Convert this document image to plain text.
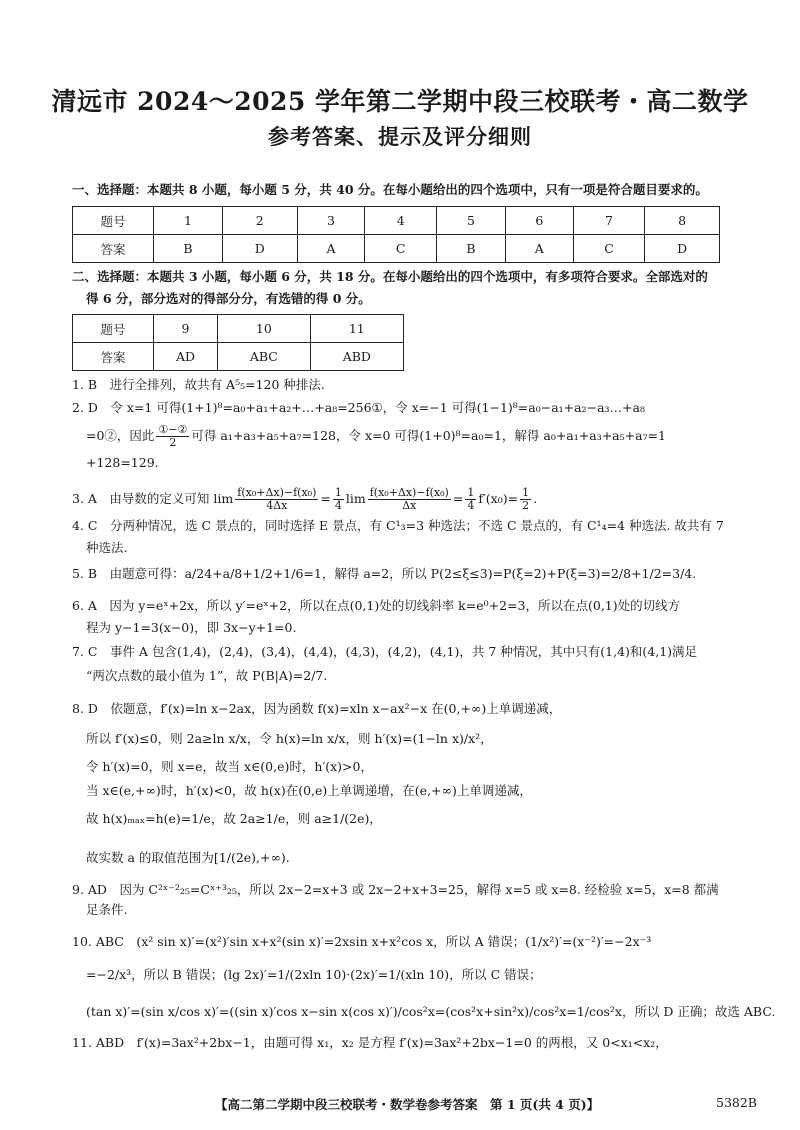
清远市 2024～2025 学年第二学期中段三校联考・高二数学
参考答案、提示及评分细则
一、选择题：本题共 8 小题，每小题 5 分，共 40 分。在每小题给出的四个选项中，只有一项是符合题目要求的。
题号	1	2	3	4	5	6	7	8
答案	B	D	A	C	B	A	C	D
二、选择题：本题共 3 小题，每小题 6 分，共 18 分。在每小题给出的四个选项中，有多项符合要求。全部选对的
得 6 分，部分选对的得部分分，有选错的得 0 分。
题号	9	10	11
答案	AD	ABC	ABD
1. B　进行全排列，故共有 A⁵₅=120 种排法.
2. D　令 x=1 可得(1+1)⁸=a₀+a₁+a₂+…+a₈=256①，令 x=−1 可得(1−1)⁸=a₀−a₁+a₂−a₃…+a₈
=0②，因此 $\frac{\text{①−②}}{2}$ 可得 a₁+a₃+a₅+a₇=128，令 x=0 可得(1+0)⁸=a₀=1，解得 a₀+a₁+a₃+a₅+a₇=1
+128=129.
3. A　由导数的定义可知 $\lim \frac{\text{f(x₀+Δx)−f(x₀)}}{4\Delta x} = \frac{1}{4}$ $\lim \frac{\text{f(x₀+Δx)−f(x₀)}}{\Delta x} = \frac{1}{4} f'(x_0)= \frac{1}{2}$ .
4. C　分两种情况，选 C 景点的，同时选择 E 景点，有 C¹₃=3 种选法；不选 C 景点的，有 C¹₄=4 种选法. 故共有 7
种选法.
5. B　由题意可得：a/24+a/8+1/2+1/6=1，解得 a=2，所以 P(2≤ξ≤3)=P(ξ=2)+P(ξ=3)=2/8+1/2=3/4.
6. A　因为 y=eˣ+2x，所以 y′=eˣ+2，所以在点(0,1)处的切线斜率 k=e⁰+2=3，所以在点(0,1)处的切线方
程为 y−1=3(x−0)，即 3x−y+1=0.
7. C　事件 A 包含(1,4)，(2,4)，(3,4)，(4,4)，(4,3)，(4,2)，(4,1)，共 7 种情况，其中只有(1,4)和(4,1)满足
“两次点数的最小值为 1”，故 P(B|A)=2/7.
8. D　依题意，f′(x)=ln x−2ax，因为函数 f(x)=xln x−ax²−x 在(0,+∞)上单调递减，
所以 f′(x)≤0，则 2a≥ln x/x，令 h(x)=ln x/x，则 h′(x)=(1−ln x)/x²，
令 h′(x)=0，则 x=e，故当 x∈(0,e)时，h′(x)>0，
当 x∈(e,+∞)时，h′(x)<0，故 h(x)在(0,e)上单调递增，在(e,+∞)上单调递减，
故 h(x)ₘₐₓ=h(e)=1/e，故 2a≥1/e，则 a≥1/(2e)，
故实数 a 的取值范围为[1/(2e),+∞).
9. AD　因为 C²ˣ⁻²₂₅=Cˣ⁺³₂₅，所以 2x−2=x+3 或 2x−2+x+3=25，解得 x=5 或 x=8. 经检验 x=5，x=8 都满
足条件.
10. ABC　(x² sin x)′=(x²)′sin x+x²(sin x)′=2xsin x+x²cos x，所以 A 错误；(1/x²)′=(x⁻²)′=−2x⁻³
=−2/x³，所以 B 错误；(lg 2x)′=1/(2xln 10)·(2x)′=1/(xln 10)，所以 C 错误；
(tan x)′=(sin x/cos x)′=((sin x)′cos x−sin x(cos x)′)/cos²x=(cos²x+sin²x)/cos²x=1/cos²x，所以 D 正确；故选 ABC.
11. ABD　f′(x)=3ax²+2bx−1，由题可得 x₁，x₂ 是方程 f′(x)=3ax²+2bx−1=0 的两根，又 0<x₁<x₂，
【高二第二学期中段三校联考・数学卷参考答案　第 1 页(共 4 页)】	5382B
